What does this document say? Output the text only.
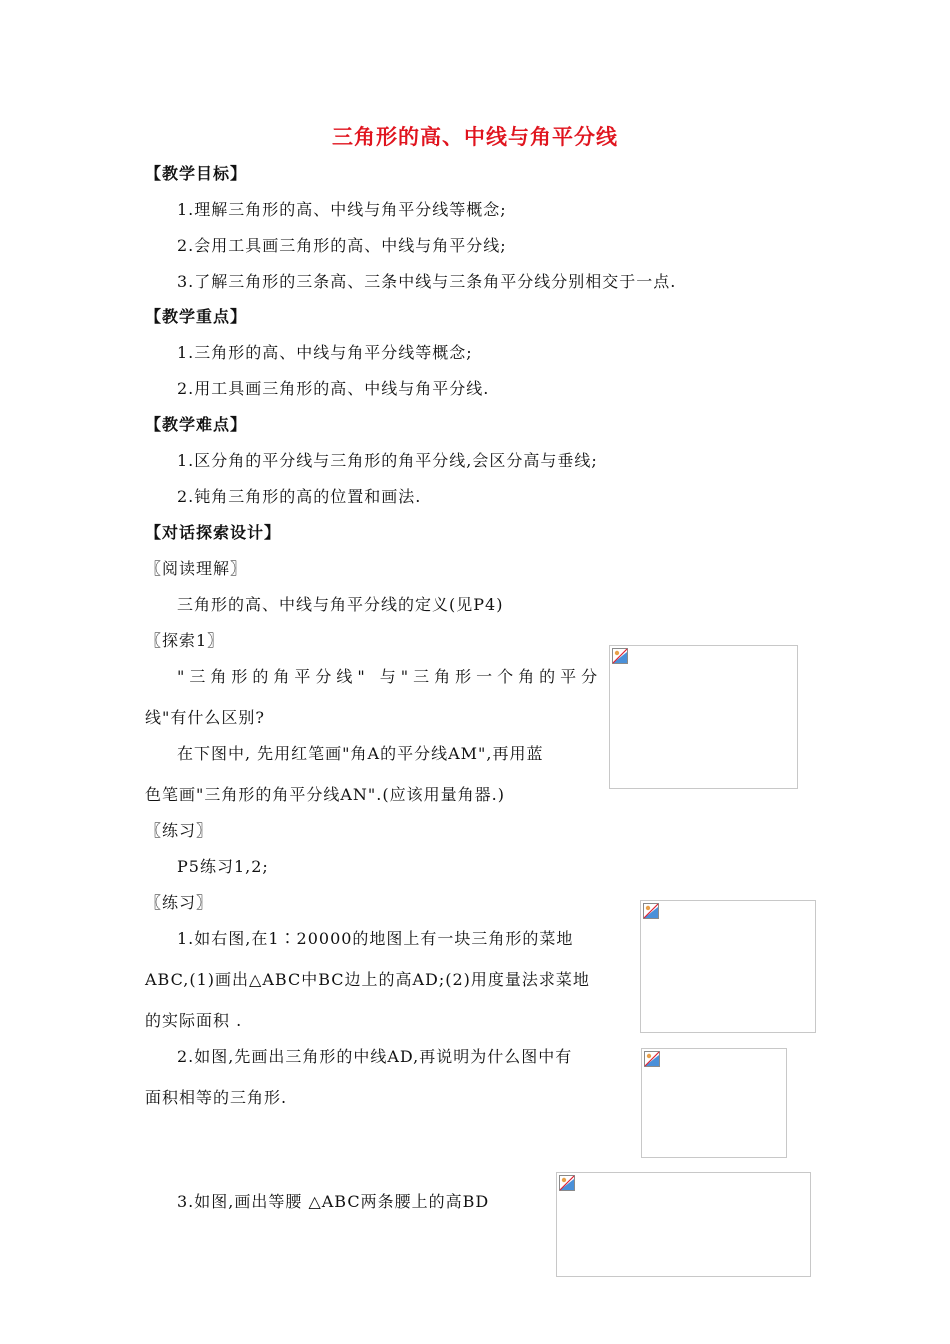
三角形的高、中线与角平分线
【教学目标】
1.理解三角形的高、中线与角平分线等概念;
2.会用工具画三角形的高、中线与角平分线;
3.了解三角形的三条高、三条中线与三条角平分线分别相交于一点.
【教学重点】
1.三角形的高、中线与角平分线等概念;
2.用工具画三角形的高、中线与角平分线.
【教学难点】
1.区分角的平分线与三角形的角平分线,会区分高与垂线;
2.钝角三角形的高的位置和画法.
【对话探索设计】
〖阅读理解〗
三角形的高、中线与角平分线的定义(见P4)
〖探索1〗
"三角形的角平分线" 与"三角形一个角的平分
线"有什么区别?
在下图中, 先用红笔画"角A的平分线AM",再用蓝
色笔画"三角形的角平分线AN".(应该用量角器.)
〖练习〗
P5练习1,2;
〖练习〗
1.如右图,在1∶20000的地图上有一块三角形的菜地
ABC,(1)画出△ABC中BC边上的高AD;(2)用度量法求菜地
的实际面积 .
2.如图,先画出三角形的中线AD,再说明为什么图中有
面积相等的三角形.
3.如图,画出等腰 △ABC两条腰上的高BD
